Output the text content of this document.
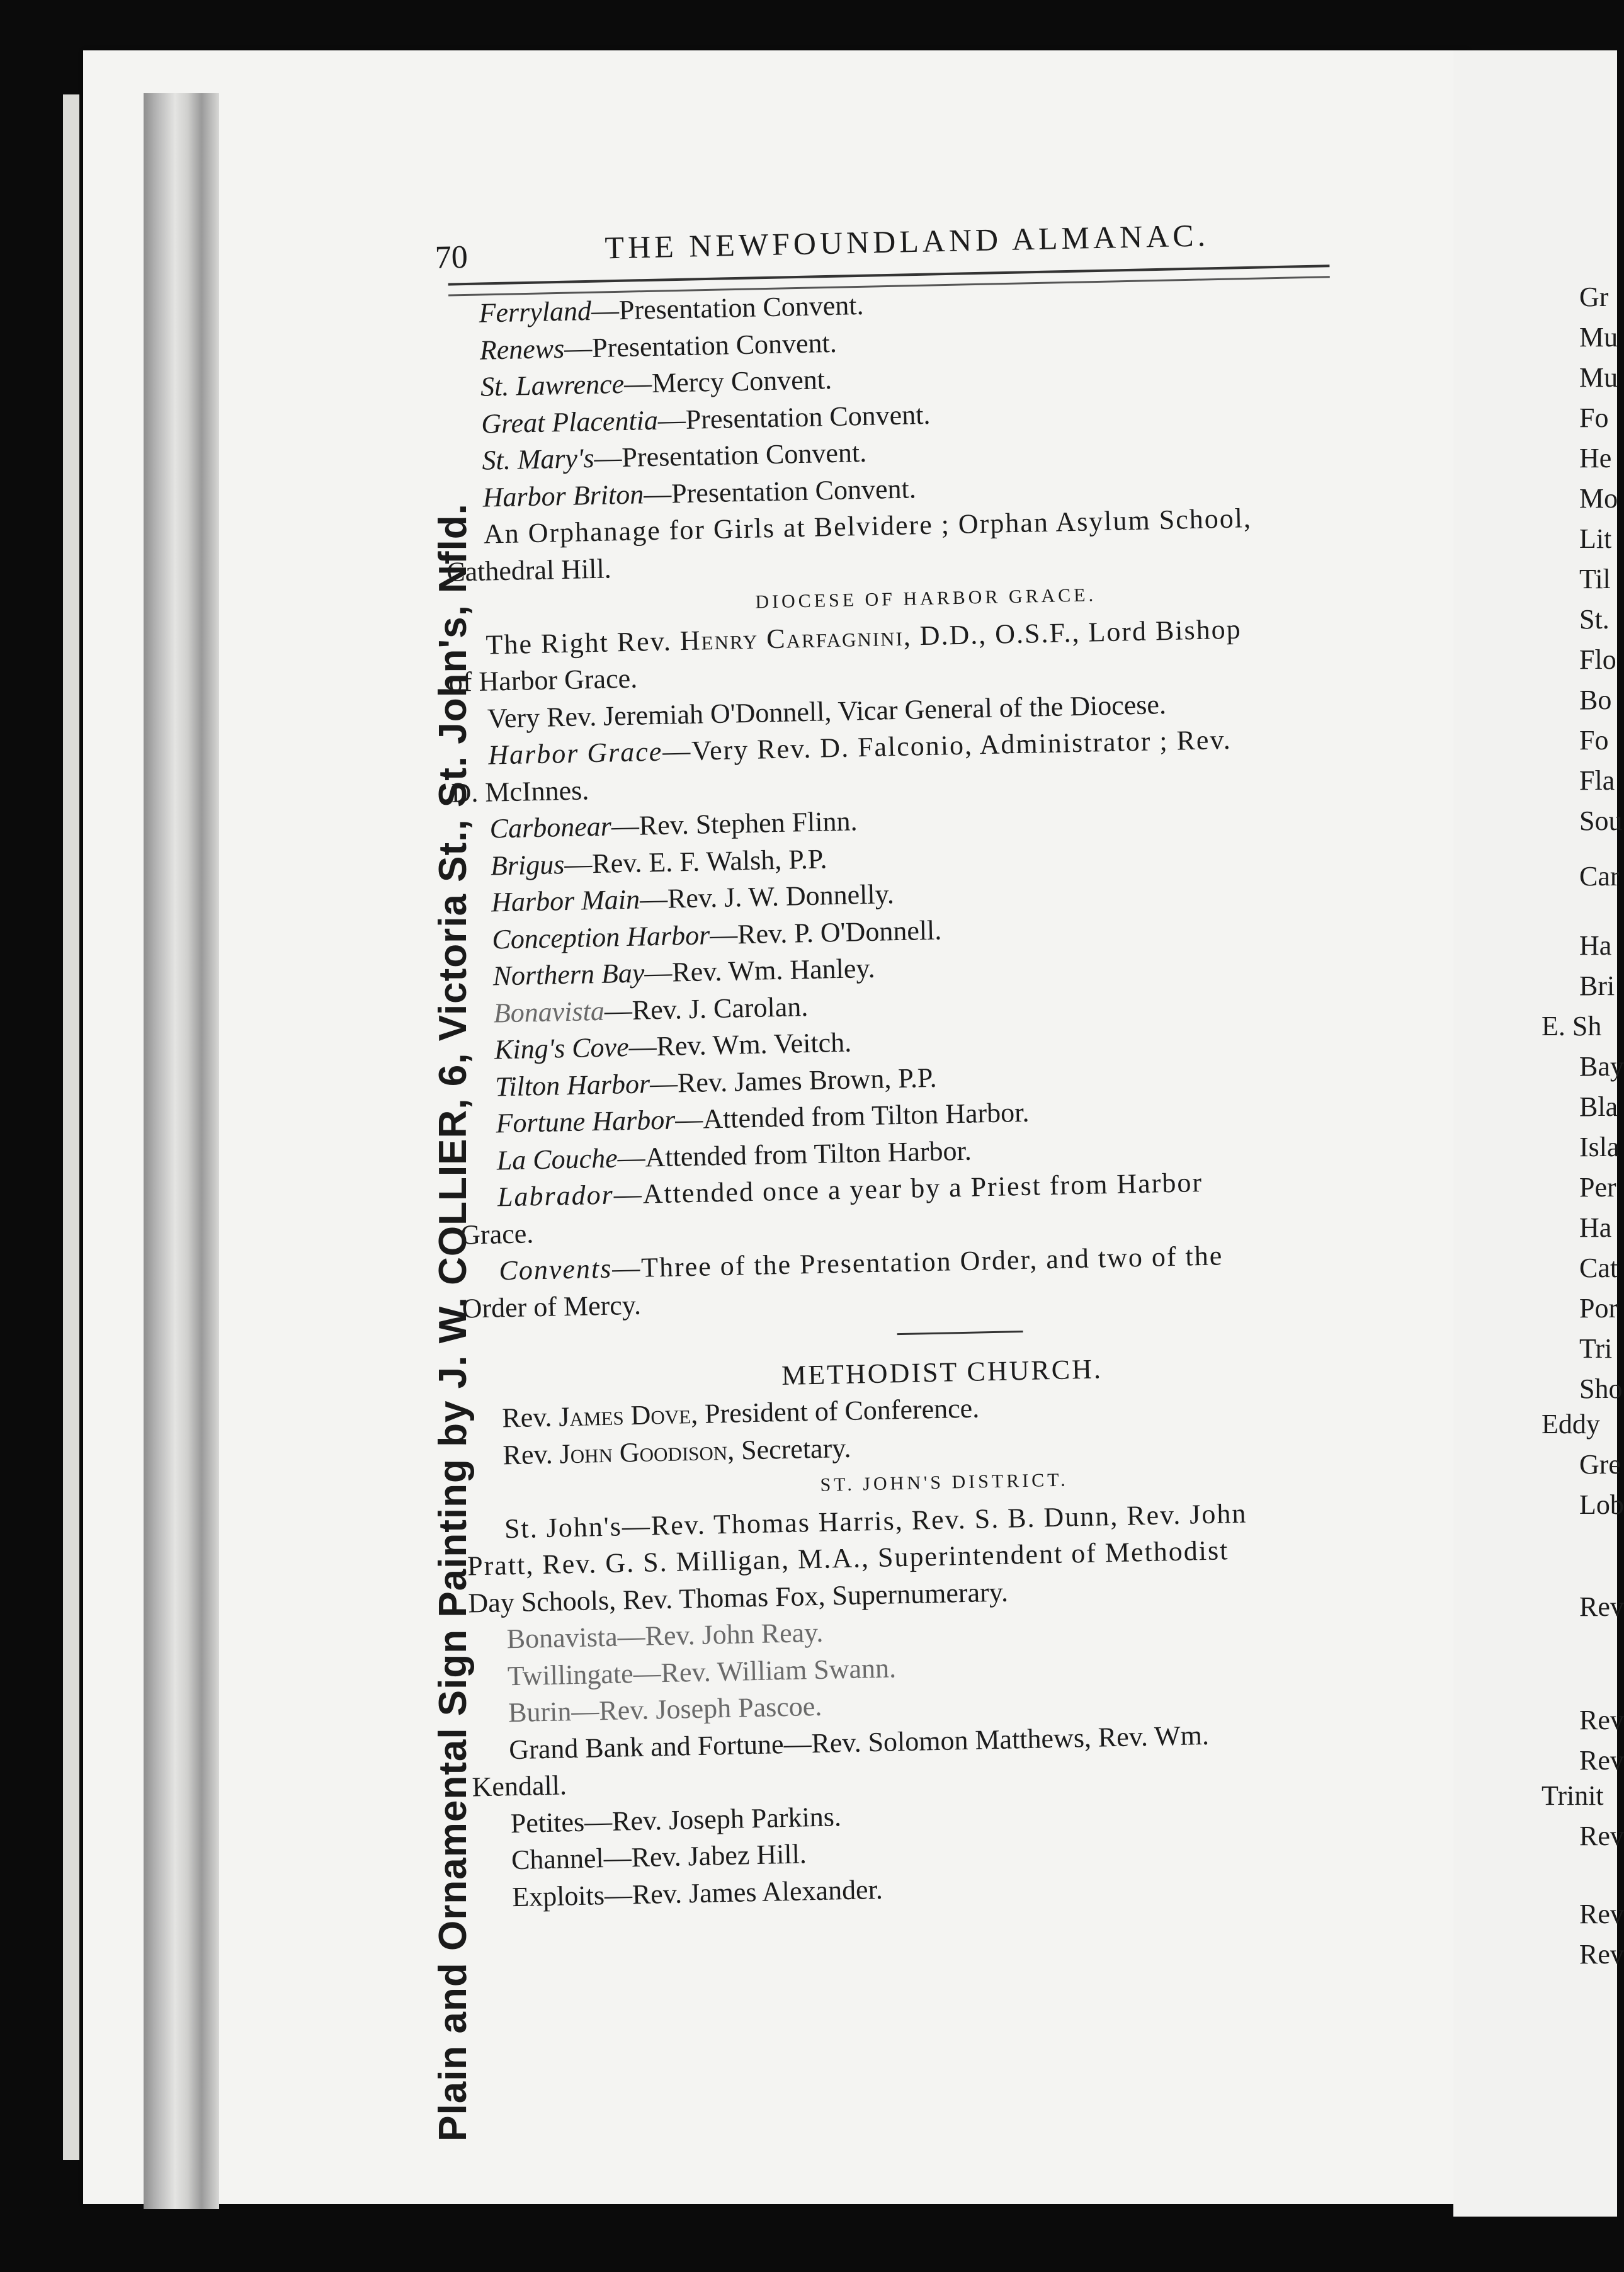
Plain and Ornamental Sign Painting by J. W. COLLIER, 6, Victoria St., St. John's, Nfld.
70	THE NEWFOUNDLAND ALMANAC.
Ferryland—Presentation Convent.
Renews—Presentation Convent.
St. Lawrence—Mercy Convent.
Great Placentia—Presentation Convent.
St. Mary's—Presentation Convent.
Harbor Briton—Presentation Convent.
An Orphanage for Girls at Belvidere ; Orphan Asylum School,
Cathedral Hill.
DIOCESE OF HARBOR GRACE.
The Right Rev. Henry Carfagnini, D.D., O.S.F., Lord Bishop
of Harbor Grace.
Very Rev. Jeremiah O'Donnell, Vicar General of the Diocese.
Harbor Grace—Very Rev. D. Falconio, Administrator ; Rev.
D. McInnes.
Carbonear—Rev. Stephen Flinn.
Brigus—Rev. E. F. Walsh, P.P.
Harbor Main—Rev. J. W. Donnelly.
Conception Harbor—Rev. P. O'Donnell.
Northern Bay—Rev. Wm. Hanley.
Bonavista—Rev. J. Carolan.
King's Cove—Rev. Wm. Veitch.
Tilton Harbor—Rev. James Brown, P.P.
Fortune Harbor—Attended from Tilton Harbor.
La Couche—Attended from Tilton Harbor.
Labrador—Attended once a year by a Priest from Harbor
Grace.
Convents—Three of the Presentation Order, and two of the
Order of Mercy.
METHODIST CHURCH.
Rev. James Dove, President of Conference.
Rev. John Goodison, Secretary.
ST. JOHN'S DISTRICT.
St. John's—Rev. Thomas Harris, Rev. S. B. Dunn, Rev. John
Pratt, Rev. G. S. Milligan, M.A., Superintendent of Methodist
Day Schools, Rev. Thomas Fox, Supernumerary.
Bonavista—Rev. John Reay.
Twillingate—Rev. William Swann.
Burin—Rev. Joseph Pascoe.
Grand Bank and Fortune—Rev. Solomon Matthews, Rev. Wm.
Kendall.
Petites—Rev. Joseph Parkins.
Channel—Rev. Jabez Hill.
Exploits—Rev. James Alexander.
Gr
Mu
Mu
Fo
He
Mo
Lit
Til
St.
Flo
Bo
Fo
Fla
Sou
Car
Ha
Bri
E. Sh
Bay
Bla
Isla
Per
Ha
Cat
Por
Tri
Sho
Eddy
Gre
Lob
Rev
Rev
Rev
Trinit
Rev
Rev
Rev
